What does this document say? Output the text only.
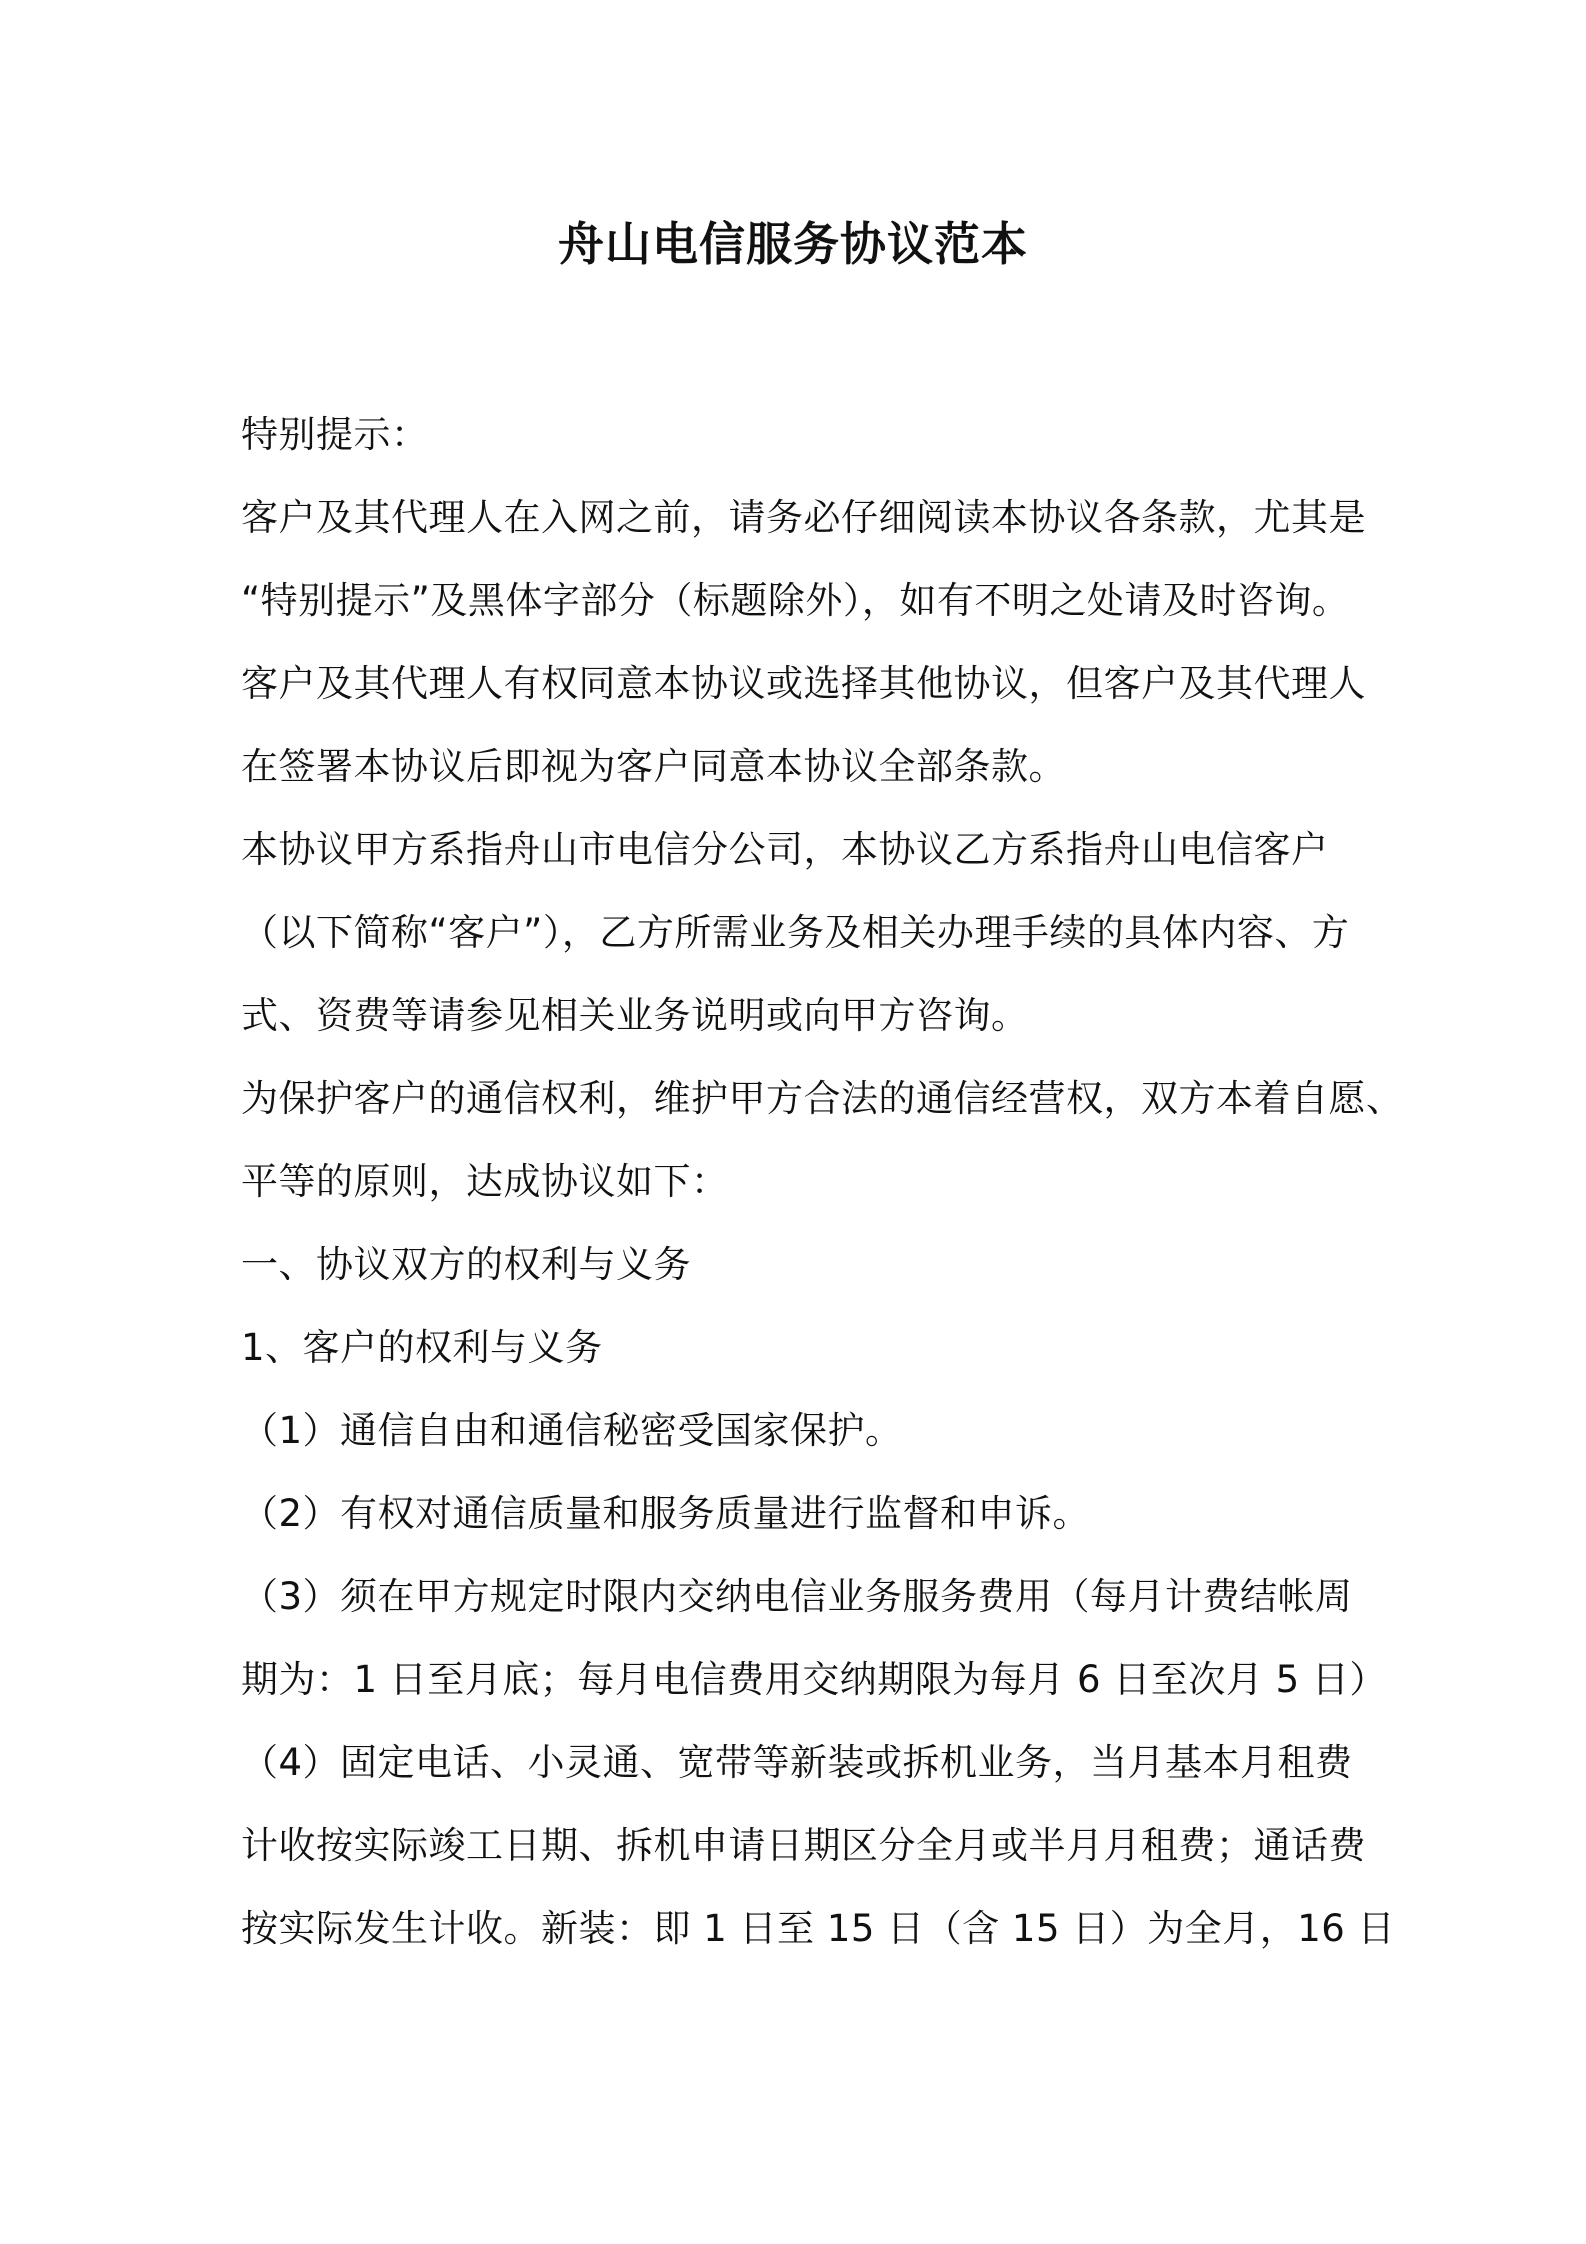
舟山电信服务协议范本
特别提示：
客户及其代理人在入网之前，请务必仔细阅读本协议各条款，尤其是
“特别提示”及黑体字部分（标题除外），如有不明之处请及时咨询。
客户及其代理人有权同意本协议或选择其他协议，但客户及其代理人
在签署本协议后即视为客户同意本协议全部条款。
本协议甲方系指舟山市电信分公司，本协议乙方系指舟山电信客户
（以下简称“客户”），乙方所需业务及相关办理手续的具体内容、方
式、资费等请参见相关业务说明或向甲方咨询。
为保护客户的通信权利，维护甲方合法的通信经营权，双方本着自愿、
平等的原则，达成协议如下：
一、协议双方的权利与义务
1、客户的权利与义务
（1）通信自由和通信秘密受国家保护。
（2）有权对通信质量和服务质量进行监督和申诉。
（3）须在甲方规定时限内交纳电信业务服务费用（每月计费结帐周
期为：1 日至月底；每月电信费用交纳期限为每月 6 日至次月 5 日）
（4）固定电话、小灵通、宽带等新装或拆机业务，当月基本月租费
计收按实际竣工日期、拆机申请日期区分全月或半月月租费；通话费
按实际发生计收。新装：即 1 日至 15 日（含 15 日）为全月，16 日
